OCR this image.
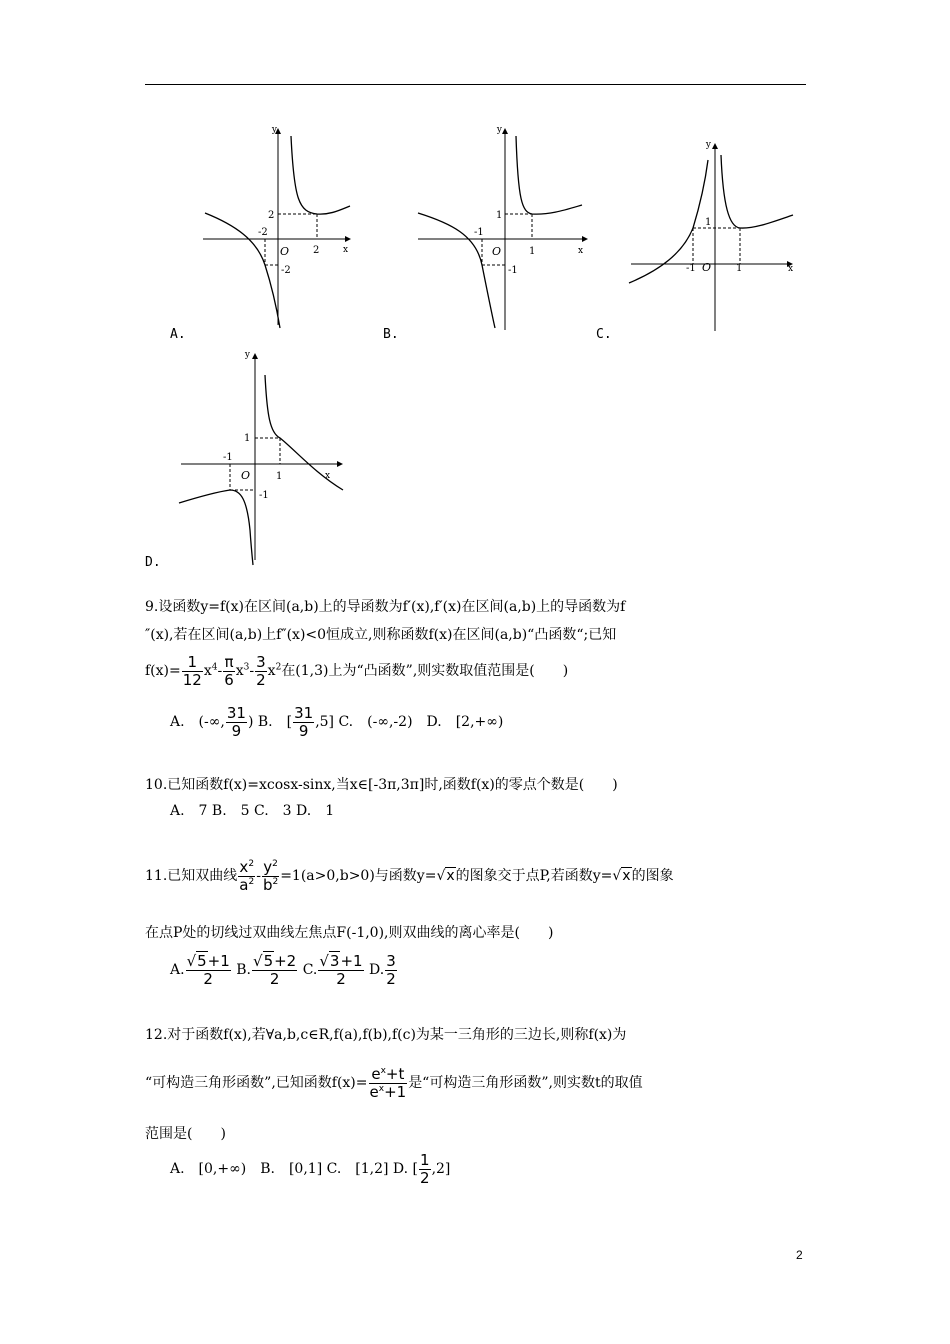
y
x
O
-2
2
2
-2
A.
y
x
O
-1
1
1
-1
B.
y
x
O
-1	1
1
C.
y
x
O
-1
1
1
-1
D.
9.设函数y=f(x)在区间(a,b)上的导函数为f′(x),f′(x)在区间(a,b)上的导函数为f
″(x),若在区间(a,b)上f″(x)<0恒成立,则称函数f(x)在区间(a,b)“凸函数“;已知
$f(x)= \frac{1}{12} x^4- \frac{\pi}{6} x^3- \frac{3}{2} x^2$在(1,3)上为“凸函数”,则实数取值范围是(　　)
A.　(-∞, $\frac{31}{9}$ ) B.　[ $\frac{31}{9} ,5$] C.　(-∞,-2)　 D.　[2,+∞)
10.已知函数f(x)=xcosx-sinx,当x∈[-3π,3π]时,函数f(x)的零点个数是(　　)
A.　7 B.　5 C.　3 D.　1
11.已知双曲线 $\frac{x^2}{a^2} - \frac{y^2}{b^2} =1(a>0,b>0)$与函数y=√x的图象交于点P,若函数y=√x的图象
在点P处的切线过双曲线左焦点F(-1,0),则双曲线的离心率是(　　)
A. $\frac{√5+1}{2} B$. $\frac{√5+2}{2} C$. $\frac{√3+1}{2} D$. $\frac{3}{2}$
12.对于函数f(x),若∀a,b,c∈R,f(a),f(b),f(c)为某一三角形的三边长,则称f(x)为
“可构造三角形函数”,已知函数$f(x)= \frac{e^x+t}{e^x+1}$ 是“可构造三角形函数”,则实数t的取值
范围是(　　)
A.　[0,+∞)　B.　[0,1] C.　[1,2] D. [ $\frac{1}{2} ,2$]
2
